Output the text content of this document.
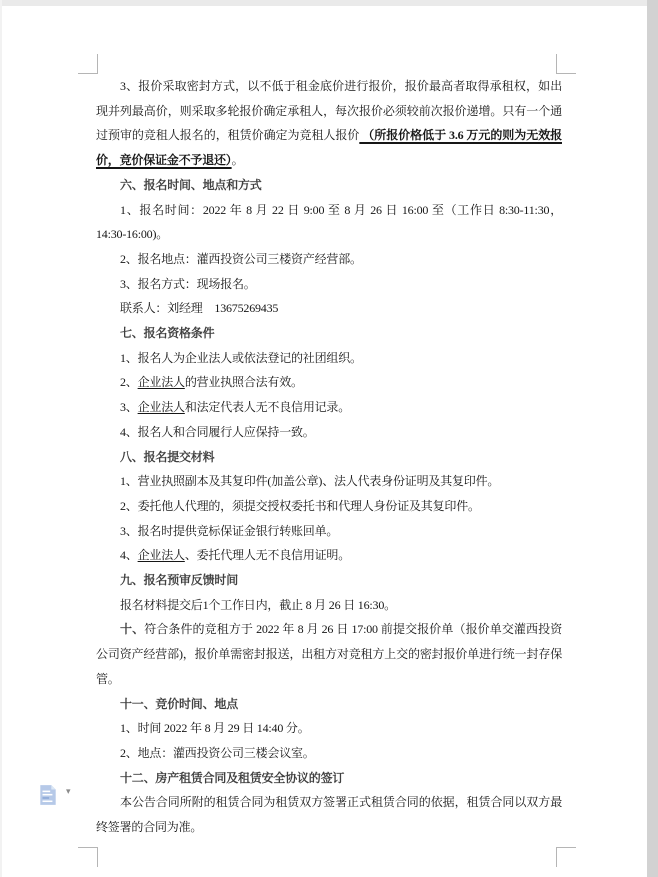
3、报价采取密封方式，以不低于租金底价进行报价，报价最高者取得承租权，如出现并列最高价，则采取多轮报价确定承租人，每次报价必须较前次报价递增。只有一个通过预审的竞租人报名的，租赁价确定为竞租人报价 （所报价格低于 3.6 万元的则为无效报价，竞价保证金不予退还）。

六、报名时间、地点和方式

1、报名时间：2022 年 8 月 22 日 9:00 至 8 月 26 日 16:00 至（工作日 8:30-11:30，14:30-16:00)。

2、报名地点：灌西投资公司三楼资产经营部。

3、报名方式：现场报名。

联系人：刘经理　13675269435

七、报名资格条件

1、报名人为企业法人或依法登记的社团组织。

2、企业法人的营业执照合法有效。

3、企业法人和法定代表人无不良信用记录。

4、报名人和合同履行人应保持一致。

八、报名提交材料

1、营业执照副本及其复印件(加盖公章)、法人代表身份证明及其复印件。

2、委托他人代理的，须提交授权委托书和代理人身份证及其复印件。

3、报名时提供竞标保证金银行转账回单。

4、企业法人、委托代理人无不良信用证明。

九、报名预审反馈时间

报名材料提交后1个工作日内，截止 8 月 26 日 16:30。

十、符合条件的竞租方于 2022 年 8 月 26 日 17:00 前提交报价单（报价单交灌西投资公司资产经营部)，报价单需密封报送，出租方对竞租方上交的密封报价单进行统一封存保管。

十一、竞价时间、地点

1、时间 2022 年 8 月 29 日 14:40 分。

2、地点：灌西投资公司三楼会议室。

十二、房产租赁合同及租赁安全协议的签订

本公告合同所附的租赁合同为租赁双方签署正式租赁合同的依据，租赁合同以双方最终签署的合同为准。

▾
